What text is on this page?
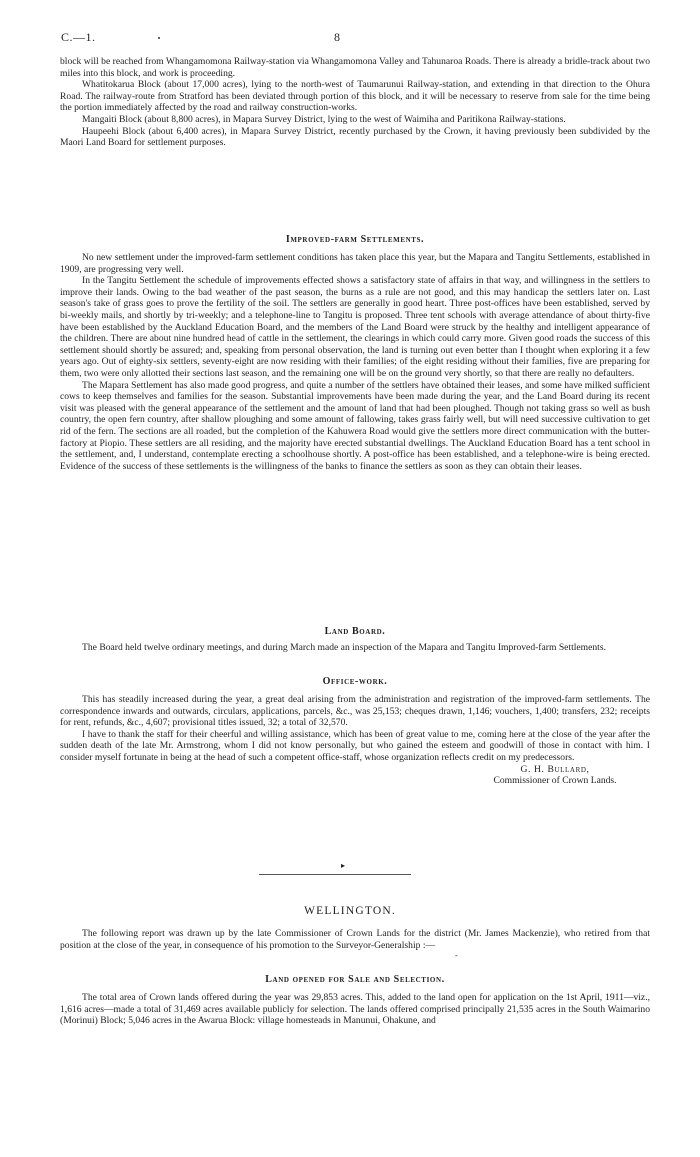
C.—1.	8

block will be reached from Whangamomona Railway-station via Whangamomona Valley and Tahunaroa Roads. There is already a bridle-track about two miles into this block, and work is proceeding.

Whatitokarua Block (about 17,000 acres), lying to the north-west of Taumarunui Railway-station, and extending in that direction to the Ohura Road. The railway-route from Stratford has been deviated through portion of this block, and it will be necessary to reserve from sale for the time being the portion immediately affected by the road and railway construction-works.

Mangaiti Block (about 8,800 acres), in Mapara Survey District, lying to the west of Waimiha and Paritikona Railway-stations.

Haupeehi Block (about 6,400 acres), in Mapara Survey District, recently purchased by the Crown, it having previously been subdivided by the Maori Land Board for settlement purposes.

Improved-farm Settlements.

No new settlement under the improved-farm settlement conditions has taken place this year, but the Mapara and Tangitu Settlements, established in 1909, are progressing very well.

In the Tangitu Settlement the schedule of improvements effected shows a satisfactory state of affairs in that way, and willingness in the settlers to improve their lands. Owing to the bad weather of the past season, the burns as a rule are not good, and this may handicap the settlers later on. Last season's take of grass goes to prove the fertility of the soil. The settlers are generally in good heart. Three post-offices have been established, served by bi-weekly mails, and shortly by tri-weekly; and a telephone-line to Tangitu is proposed. Three tent schools with average attendance of about thirty-five have been established by the Auckland Education Board, and the members of the Land Board were struck by the healthy and intelligent appearance of the children. There are about nine hundred head of cattle in the settlement, the clearings in which could carry more. Given good roads the success of this settlement should shortly be assured; and, speaking from personal observation, the land is turning out even better than I thought when exploring it a few years ago. Out of eighty-six settlers, seventy-eight are now residing with their families; of the eight residing without their families, five are preparing for them, two were only allotted their sections last season, and the remaining one will be on the ground very shortly, so that there are really no defaulters.

The Mapara Settlement has also made good progress, and quite a number of the settlers have obtained their leases, and some have milked sufficient cows to keep themselves and families for the season. Substantial improvements have been made during the year, and the Land Board during its recent visit was pleased with the general appearance of the settlement and the amount of land that had been ploughed. Though not taking grass so well as bush country, the open fern country, after shallow ploughing and some amount of fallowing, takes grass fairly well, but will need successive cultivation to get rid of the fern. The sections are all roaded, but the completion of the Kahuwera Road would give the settlers more direct communication with the butter-factory at Piopio. These settlers are all residing, and the majority have erected substantial dwellings. The Auckland Education Board has a tent school in the settlement, and, I understand, contemplate erecting a schoolhouse shortly. A post-office has been established, and a telephone-wire is being erected. Evidence of the success of these settlements is the willingness of the banks to finance the settlers as soon as they can obtain their leases.

Land Board.

The Board held twelve ordinary meetings, and during March made an inspection of the Mapara and Tangitu Improved-farm Settlements.

Office-work.

This has steadily increased during the year, a great deal arising from the administration and registration of the improved-farm settlements. The correspondence inwards and outwards, circulars, applications, parcels, &c., was 25,153; cheques drawn, 1,146; vouchers, 1,400; transfers, 232; receipts for rent, refunds, &c., 4,607; provisional titles issued, 32; a total of 32,570.

I have to thank the staff for their cheerful and willing assistance, which has been of great value to me, coming here at the close of the year after the sudden death of the late Mr. Armstrong, whom I did not know personally, but who gained the esteem and goodwill of those in contact with him. I consider myself fortunate in being at the head of such a competent office-staff, whose organization reflects credit on my predecessors.

G. H. Bullard,
Commissioner of Crown Lands.

▸
WELLINGTON.

The following report was drawn up by the late Commissioner of Crown Lands for the district (Mr. James Mackenzie), who retired from that position at the close of the year, in consequence of his promotion to the Surveyor-Generalship :—

-
Land opened for Sale and Selection.

The total area of Crown lands offered during the year was 29,853 acres. This, added to the land open for application on the 1st April, 1911—viz., 1,616 acres—made a total of 31,469 acres available publicly for selection. The lands offered comprised principally 21,535 acres in the South Waimarino (Morinui) Block; 5,046 acres in the Awarua Block: village homesteads in Manunui, Ohakune, and
